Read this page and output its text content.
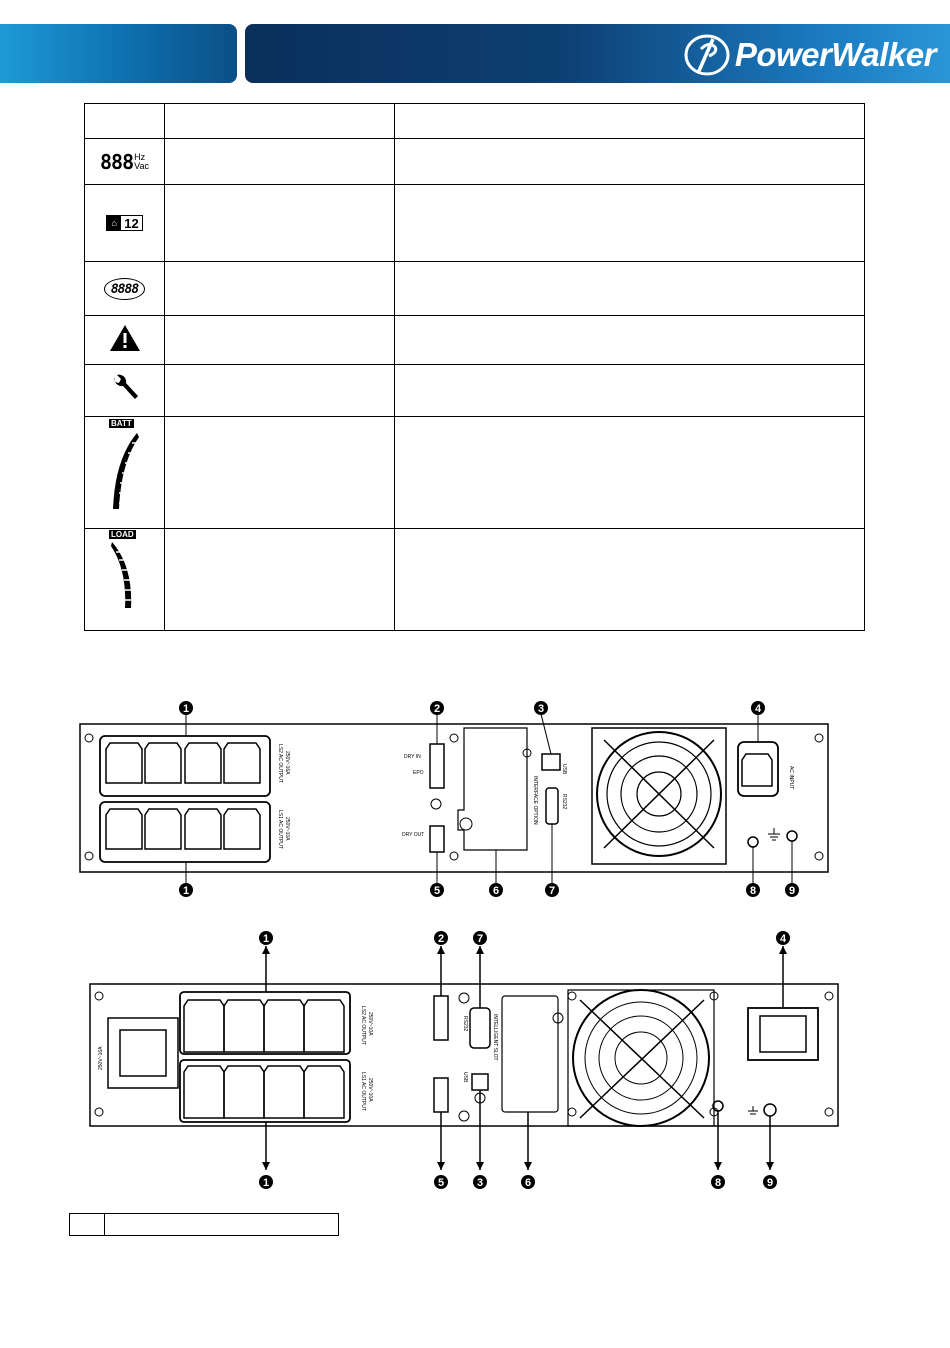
PowerWalker

888 Hz
Vac		

⌂ 12		

8888		

BATT		

LOAD		

LS2 AC OUTPUT 250V~16A
LS1 AC OUTPUT 250V~10A
DRY IN
EPO
DRY OUT
USB
RS232
INTERFACE OPTION	AC INPUT
1	2	3	4
1	5	6	7	8	9
250V~16A
LS2 AC OUTPUT 250V~10A
LS1 AC OUTPUT 250V~10A
RS232
USB
INTELLIGENT SLOT
1	2	7	4
1	5	3	6	8	9
